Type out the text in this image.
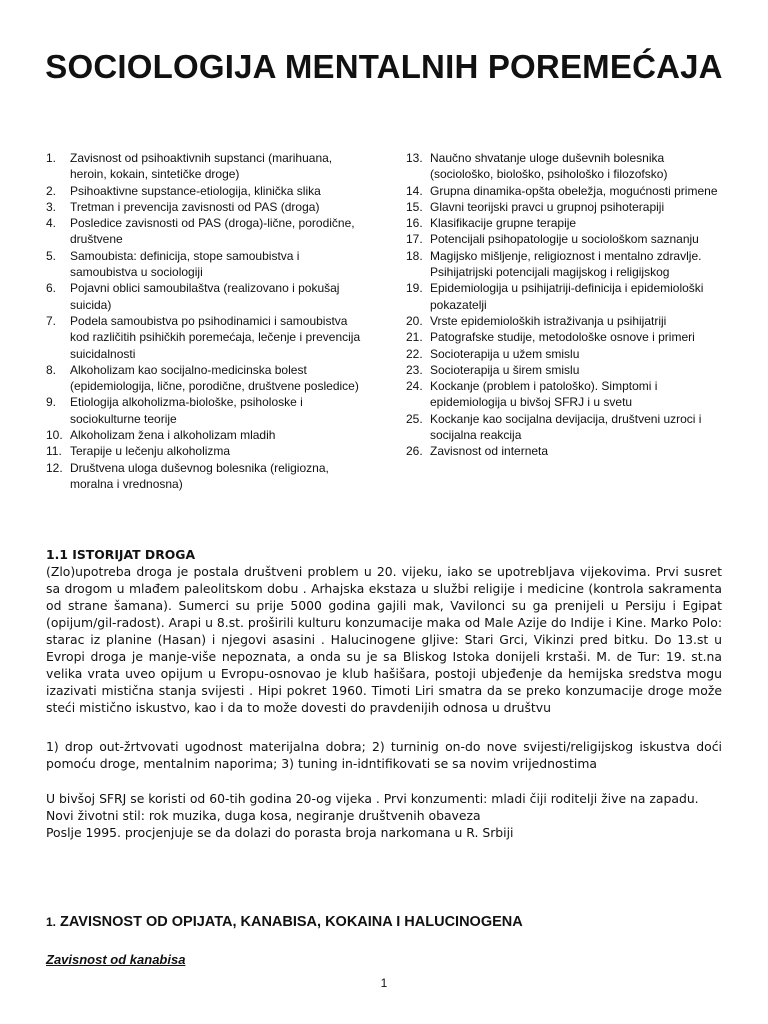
SOCIOLOGIJA MENTALNIH POREMEĆAJA
1.	Zavisnost od psihoaktivnih supstanci (marihuana, heroin, kokain, sintetičke droge)
2.	Psihoaktivne supstance-etiologija, klinička slika
3.	Tretman i prevencija zavisnosti od PAS (droga)
4.	Posledice zavisnosti od PAS (droga)-lične, porodične, društvene
5.	Samoubista: definicija, stope samoubistva i samoubistva u sociologiji
6.	Pojavni oblici samoubilaštva (realizovano i pokušaj suicida)
7.	Podela samoubistva po psihodinamici i samoubistva kod različitih psihičkih poremećaja, lečenje i prevencija suicidalnosti
8.	Alkoholizam kao socijalno-medicinska bolest (epidemiologija, lične, porodične, društvene posledice)
9.	Etiologija alkoholizma-biološke, psiholoske i sociokulturne teorije
10. Alkoholizam žena i alkoholizam mladih
11. Terapije u lečenju alkoholizma
12. Društvena uloga duševnog bolesnika (religiozna, moralna i vrednosna)
13. Naučno shvatanje uloge duševnih bolesnika (sociološko, biološko, psihološko i filozofsko)
14. Grupna dinamika-opšta obeležja, mogućnosti primene
15. Glavni teorijski pravci u grupnoj psihoterapiji
16. Klasifikacije grupne terapije
17. Potencijali psihopatologije u sociološkom saznanju
18. Magijsko mišljenje, religioznost i mentalno zdravlje. Psihijatrijski potencijali magijskog i religijskog
19. Epidemiologija u psihijatriji-definicija i epidemiološki pokazatelji
20. Vrste epidemioloških istraživanja u psihijatriji
21. Patografske studije, metodološke osnove i primeri
22. Socioterapija u užem smislu
23. Socioterapija u širem smislu
24. Kockanje (problem i patološko). Simptomi i epidemiologija u bivšoj SFRJ i u svetu
25. Kockanje kao socijalna devijacija, društveni uzroci i socijalna reakcija
26. Zavisnost od interneta
1.1 ISTORIJAT DROGA
(Zlo)upotreba droga je postala društveni problem u 20. vijeku, iako se upotrebljava vijekovima. Prvi susret sa drogom u mlađem paleolitskom dobu . Arhajska ekstaza u službi religije i medicine (kontrola sakramenta od strane šamana). Sumerci su prije 5000 godina gajili mak, Vavilonci su ga prenijeli u Persiju i Egipat (opijum/gil-radost). Arapi u 8.st. proširili kulturu konzumacije maka od Male Azije do Indije i Kine. Marko Polo: starac iz planine (Hasan) i njegovi asasini . Halucinogene gljive: Stari Grci, Vikinzi pred bitku. Do 13.st u Evropi droga je manje-više nepoznata, a onda su je sa Bliskog Istoka donijeli krstaši. M. de Tur: 19. st.na velika vrata uveo opijum u Evropu-osnovao je klub hašišara, postoji ubjeđenje da hemijska sredstva mogu izazivati mistična stanja svijesti . Hipi pokret 1960. Timoti Liri smatra da se preko konzumacije droge može steći mistično iskustvo, kao i da to može dovesti do pravdenijih odnosa u društvu
1) drop out-žrtvovati ugodnost materijalna dobra; 2) turninig on-do nove svijesti/religijskog iskustva doći pomoću droge, mentalnim naporima; 3) tuning in-idntifikovati se sa novim vrijednostima
U bivšoj SFRJ se koristi od 60-tih godina 20-og vijeka . Prvi konzumenti: mladi čiji roditelji žive na zapadu.
Novi životni stil: rok muzika, duga kosa, negiranje društvenih obaveza
Poslje 1995. procjenjuje se da dolazi do porasta broja narkomana u R. Srbiji
1. ZAVISNOST OD OPIJATA, KANABISA, KOKAINA I HALUCINOGENA
Zavisnost od kanabisa
1
